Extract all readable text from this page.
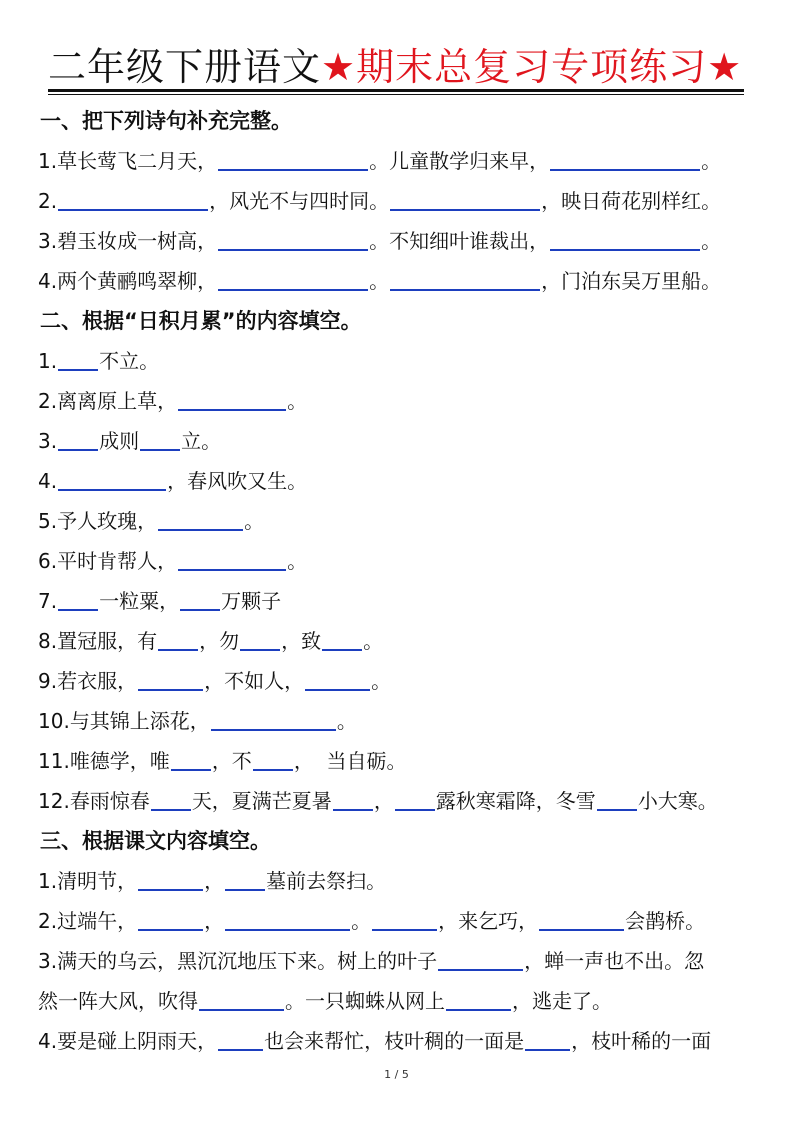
二年级下册语文★期末总复习专项练习★
一、把下列诗句补充完整。
1.草长莺飞二月天，	。儿童散学归来早，	。
2.	，风光不与四时同。	，映日荷花别样红。
3.碧玉妆成一树高，	。不知细叶谁裁出，	。
4.两个黄鹂鸣翠柳，	。	，门泊东吴万里船。
二、根据“日积月累”的内容填空。
1. 不立。
2.离离原上草，	。
3. 成则 立。
4.	，春风吹又生。
5.予人玫瑰，	。
6.平时肯帮人，	。
7. 一粒粟， 万颗子
8.置冠服，有 ，勿 ，致 。
9.若衣服，	，不如人，	。
10.与其锦上添花，	。
11.唯德学，唯 ，不 ，  当自砺。
12.春雨惊春 天，夏满芒夏暑 ， 露秋寒霜降，冬雪 小大寒。
三、根据课文内容填空。
1.清明节，	， 墓前去祭扫。
2.过端午，	，	。	，来乞巧，	会鹊桥。
3.满天的乌云，黑沉沉地压下来。树上的叶子	，蝉一声也不出。忽
然一阵大风，吹得	。一只蜘蛛从网上	，逃走了。
4.要是碰上阴雨天， 也会来帮忙，枝叶稠的一面是 ，枝叶稀的一面
1 / 5
